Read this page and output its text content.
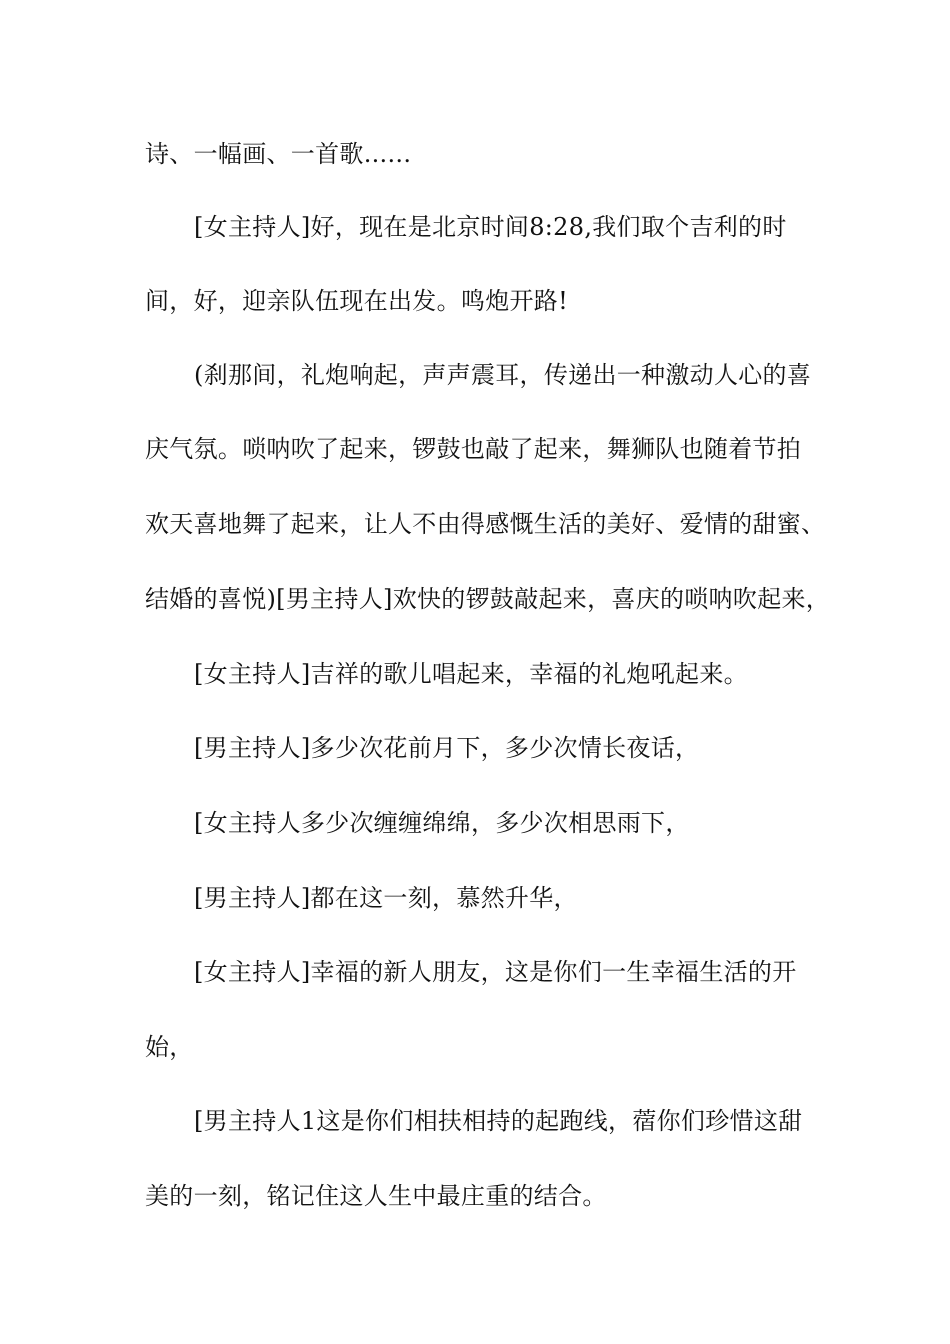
诗、一幅画、一首歌......
[女主持人]好，现在是北京时间8:28,我们取个吉利的时
间，好，迎亲队伍现在出发。鸣炮开路!
(刹那间，礼炮响起，声声震耳，传递出一种激动人心的喜
庆气氛。唢呐吹了起来，锣鼓也敲了起来，舞狮队也随着节拍
欢天喜地舞了起来，让人不由得感慨生活的美好、爱情的甜蜜、
结婚的喜悦)[男主持人]欢快的锣鼓敲起来，喜庆的唢呐吹起来，
[女主持人]吉祥的歌儿唱起来，幸福的礼炮吼起来。
[男主持人]多少次花前月下，多少次情长夜话，
[女主持人多少次缠缠绵绵，多少次相思雨下，
[男主持人]都在这一刻，慕然升华，
[女主持人]幸福的新人朋友，这是你们一生幸福生活的开
始，
[男主持人1这是你们相扶相持的起跑线，蓿你们珍惜这甜
美的一刻，铭记住这人生中最庄重的结合。
